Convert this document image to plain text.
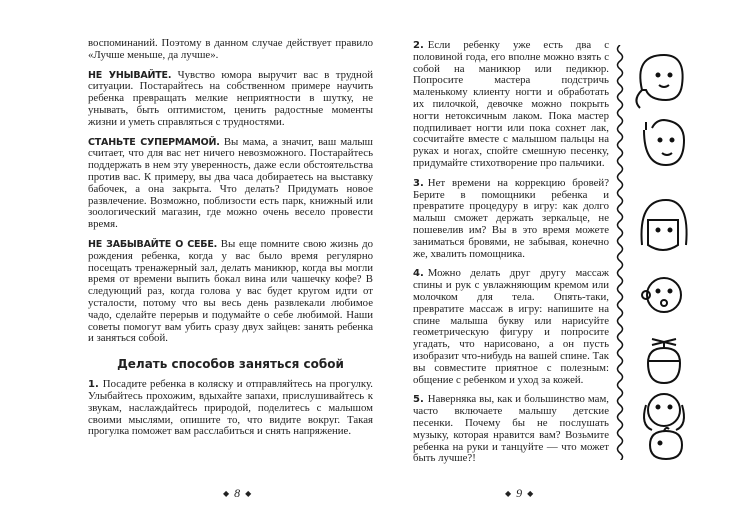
воспоминаний. Поэтому в данном случае действует правило «Лучше меньше, да лучше».

НЕ УНЫВАЙТЕ. Чувство юмора выручит вас в трудной ситуации. Постарайтесь на собственном примере научить ребенка превращать мелкие неприятности в шутку, не унывать, быть оптимистом, ценить радостные моменты жизни и уметь справляться с трудностями.

СТАНЬТЕ СУПЕРМАМОЙ. Вы мама, а значит, ваш малыш считает, что для вас нет ничего невозможного. Постарайтесь поддержать в нем эту уверенность, даже если обстоятельства против вас. К примеру, вы два часа добираетесь на выставку бабочек, а она закрыта. Что делать? Придумать новое развлечение. Возможно, поблизости есть парк, книжный или зоологический магазин, где можно очень весело провести время.

НЕ ЗАБЫВАЙТЕ О СЕБЕ. Вы еще помните свою жизнь до рождения ребенка, когда у вас было время регулярно посещать тренажерный зал, делать маникюр, когда вы могли время от времени выпить бокал вина или чашечку кофе? В следующий раз, когда голова у вас будет кругом идти от усталости, потому что вы весь день развлекали любимое чадо, сделайте перерыв и подумайте о себе любимой. Наши советы помогут вам убить сразу двух зайцев: занять ребенка и заняться собой.

Делать способов заняться собой

1. Посадите ребенка в коляску и отправляйтесь на прогулку. Улыбайтесь прохожим, вдыхайте запахи, прислушивайтесь к звукам, наслаждайтесь природой, поделитесь с малышом своими мыслями, опишите то, что видите вокруг. Такая прогулка поможет вам расслабиться и снять напряжение.

◆ 8 ◆

2. Если ребенку уже есть два с половиной года, его вполне можно взять с собой на маникюр или педикюр. Попросите мастера подстричь маленькому клиенту ногти и обработать их пилочкой, девочке можно покрыть ногти нетоксичным лаком. Пока мастер подпиливает ногти или пока сохнет лак, сосчитайте вместе с малышом пальцы на руках и ногах, спойте смешную песенку, придумайте стихотворение про пальчики.

3. Нет времени на коррекцию бровей? Берите в помощники ребенка и превратите процедуру в игру: как долго малыш сможет держать зеркальце, не пошевелив им? Вы в это время можете заниматься бровями, не забывая, конечно же, хвалить помощника.

4. Можно делать друг другу массаж спины и рук с увлажняющим кремом или молочком для тела. Опять-таки, превратите массаж в игру: напишите на спине малыша букву или нарисуйте геометрическую фигуру и попросите угадать, что нарисовано, а он пусть изобразит что-нибудь на вашей спине. Так вы совместите приятное с полезным: общение с ребенком и уход за кожей.

5. Наверняка вы, как и большинство мам, часто включаете малышу детские песенки. Почему бы не послушать музыку, которая нравится вам? Возьмите ребенка на руки и танцуйте — что может быть лучше?!

◆ 9 ◆
